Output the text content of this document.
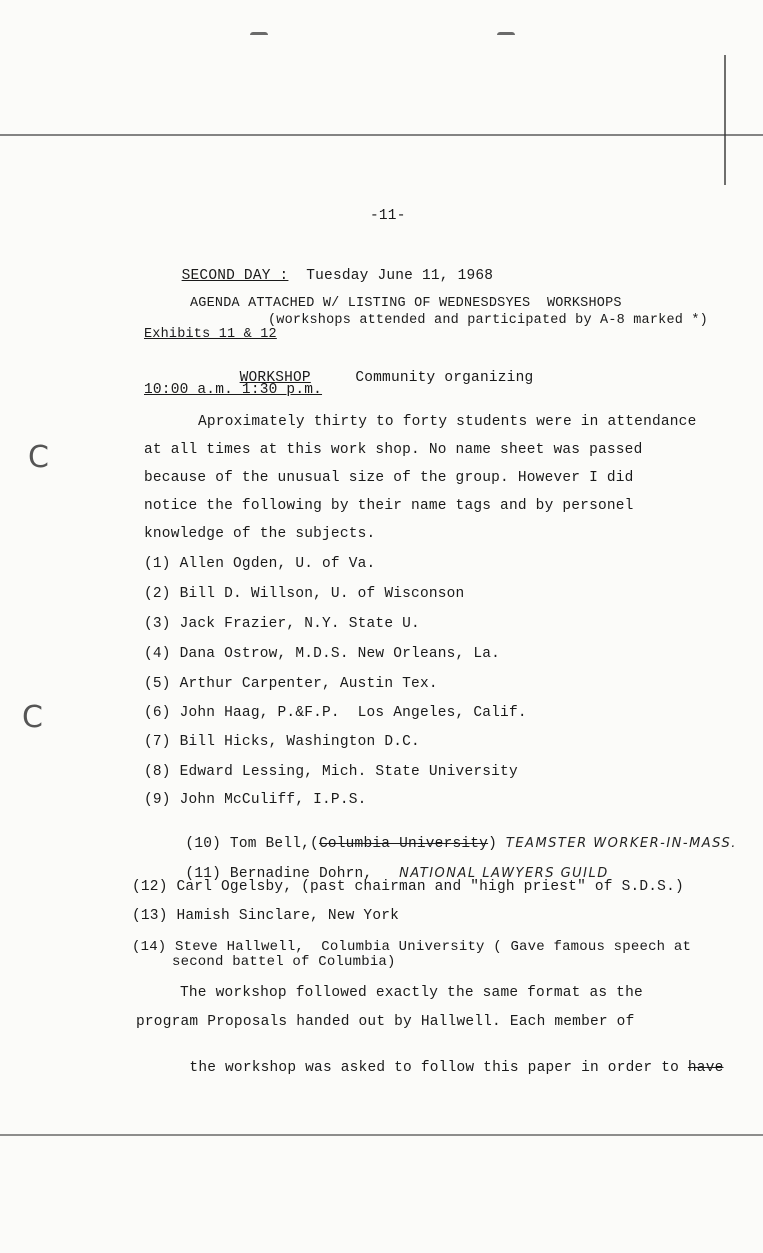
C
C
-11-

SECOND DAY : Tuesday June 11, 1968

AGENDA ATTACHED W/ LISTING OF WEDNESDSYES  WORKSHOPS
(workshops attended and participated by A-8 marked *)
Exhibits 11 & 12

WORKSHOP	Community organizing

10:00 a.m. 1:30 p.m.
Aproximately thirty to forty students were in attendance
at all times at this work shop. No name sheet was passed
because of the unusual size of the group. However I did
notice the following by their name tags and by personel
knowledge of the subjects.
(1) Allen Ogden, U. of Va.
(2) Bill D. Willson, U. of Wisconson
(3) Jack Frazier, N.Y. State U.
(4) Dana Ostrow, M.D.S. New Orleans, La.
(5) Arthur Carpenter, Austin Tex.
(6) John Haag, P.&F.P.  Los Angeles, Calif.
(7) Bill Hicks, Washington D.C.
(8) Edward Lessing, Mich. State University
(9) John McCuliff, I.P.S.

(10) Tom Bell,(Columbia University) TEAMSTER WORKER-IN-MASS.

(11) Bernadine Dohrn, NATIONAL LAWYERS GUILD

(12) Carl Ogelsby, (past chairman and "high priest" of S.D.S.)
(13) Hamish Sinclare, New York
(14) Steve Hallwell,  Columbia University ( Gave famous speech at
second battel of Columbia)
The workshop followed exactly the same format as the
program Proposals handed out by Hallwell. Each member of

the workshop was asked to follow this paper in order to have
